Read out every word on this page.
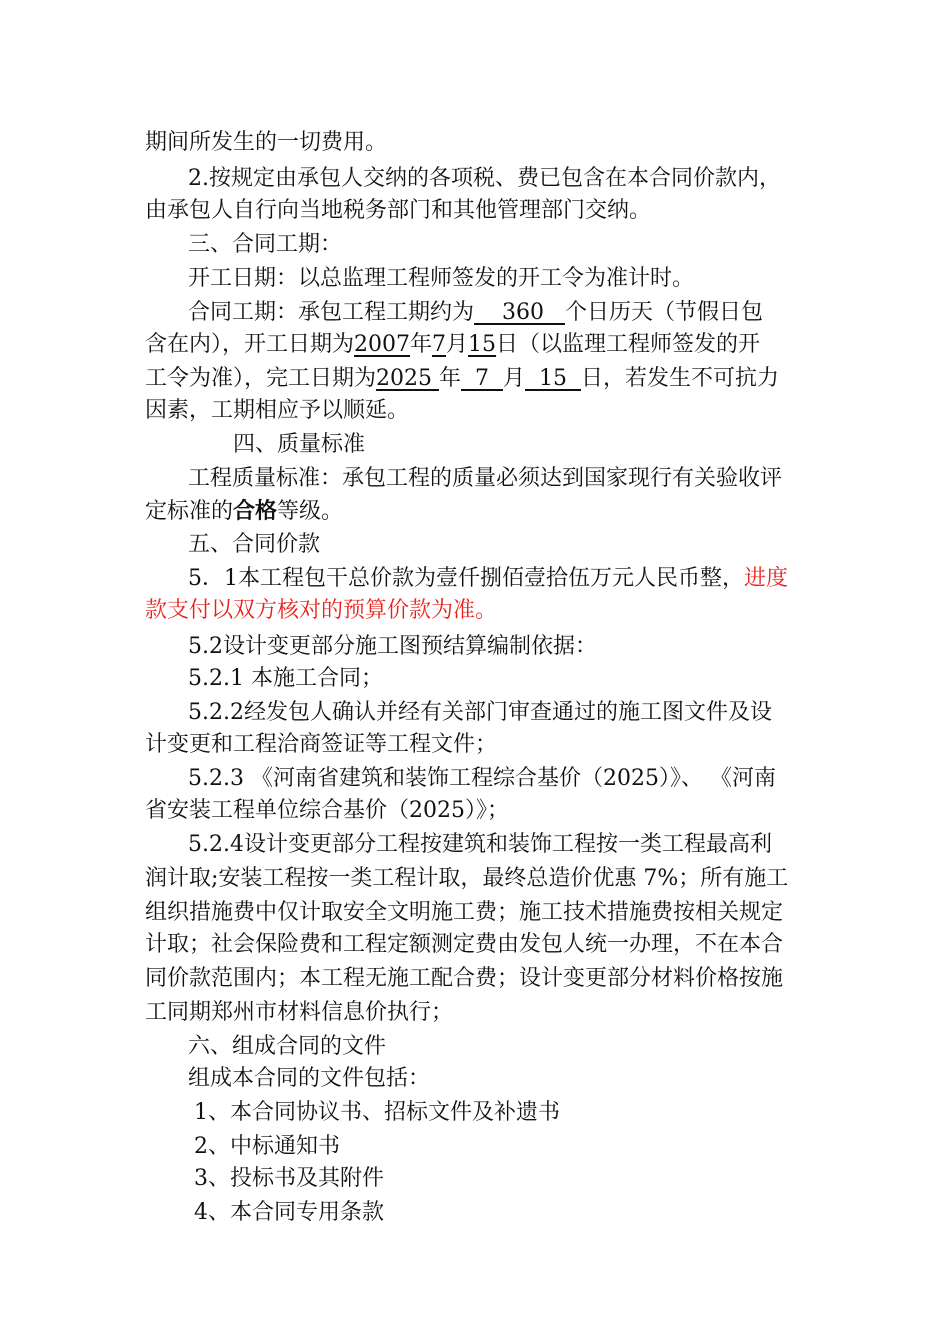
期间所发生的一切费用。
2.按规定由承包人交纳的各项税、费已包含在本合同价款内，
由承包人自行向当地税务部门和其他管理部门交纳。
三、合同工期：
开工日期：以总监理工程师签发的开工令为准计时。
合同工期：承包工程工期约为    360   个日历天（节假日包
含在内），开工日期为2007年7月15日（以监理工程师签发的开
工令为准），完工日期为2025 年  7  月  15  日，若发生不可抗力
因素，工期相应予以顺延。
四、质量标准
工程质量标准：承包工程的质量必须达到国家现行有关验收评
定标准的合格等级。
五、合同价款
5．1本工程包干总价款为壹仟捌佰壹拾伍万元人民币整，进度
款支付以双方核对的预算价款为准。
5.2设计变更部分施工图预结算编制依据：
5.2.1 本施工合同；
5.2.2经发包人确认并经有关部门审查通过的施工图文件及设
计变更和工程洽商签证等工程文件；
5.2.3 《河南省建筑和装饰工程综合基价（2025）》、 《河南
省安装工程单位综合基价（2025）》；
5.2.4设计变更部分工程按建筑和装饰工程按一类工程最高利
润计取;安装工程按一类工程计取，最终总造价优惠 7%；所有施工
组织措施费中仅计取安全文明施工费；施工技术措施费按相关规定
计取；社会保险费和工程定额测定费由发包人统一办理，不在本合
同价款范围内；本工程无施工配合费；设计变更部分材料价格按施
工同期郑州市材料信息价执行；
六、组成合同的文件
组成本合同的文件包括：
1、本合同协议书、招标文件及补遗书
2、中标通知书
3、投标书及其附件
4、本合同专用条款
